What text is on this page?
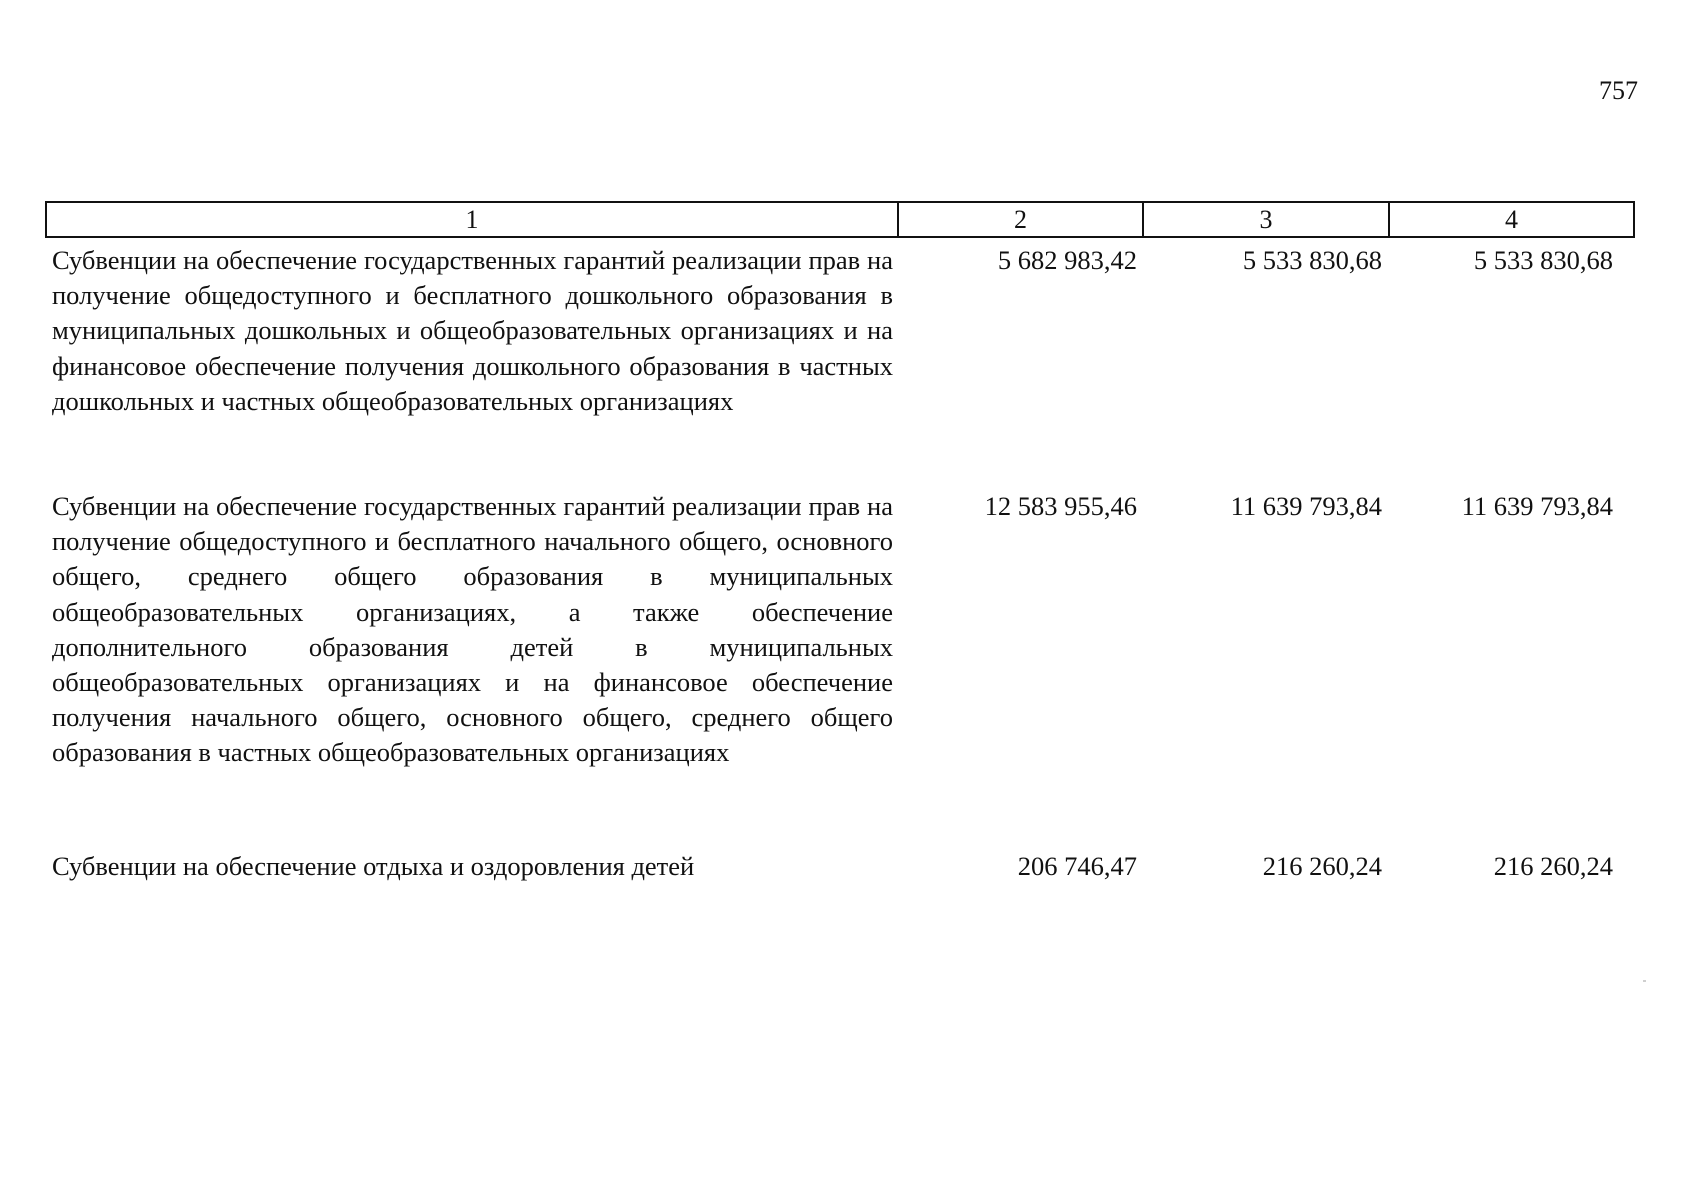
757
1	2	3	4
Субвенции на обеспечение государственных гарантий реализации прав на получение общедоступного и бесплатного дошкольного образования в муниципальных дошкольных и общеобразовательных организациях и на финансовое обеспечение получения дошкольного образования в частных дошкольных и частных общеобразовательных организациях	5 682 983,42	5 533 830,68	5 533 830,68
Субвенции на обеспечение государственных гарантий реализации прав на получение общедоступного и бесплатного начального общего, основного общего, среднего общего образования в муниципальных общеобразовательных организациях, а также обеспечение дополнительного образования детей в муниципальных общеобразовательных организациях и на финансовое обеспечение получения начального общего, основного общего, среднего общего образования в частных общеобразовательных организациях	12 583 955,46	11 639 793,84	11 639 793,84
Субвенции на обеспечение отдыха и оздоровления детей	206 746,47	216 260,24	216 260,24
